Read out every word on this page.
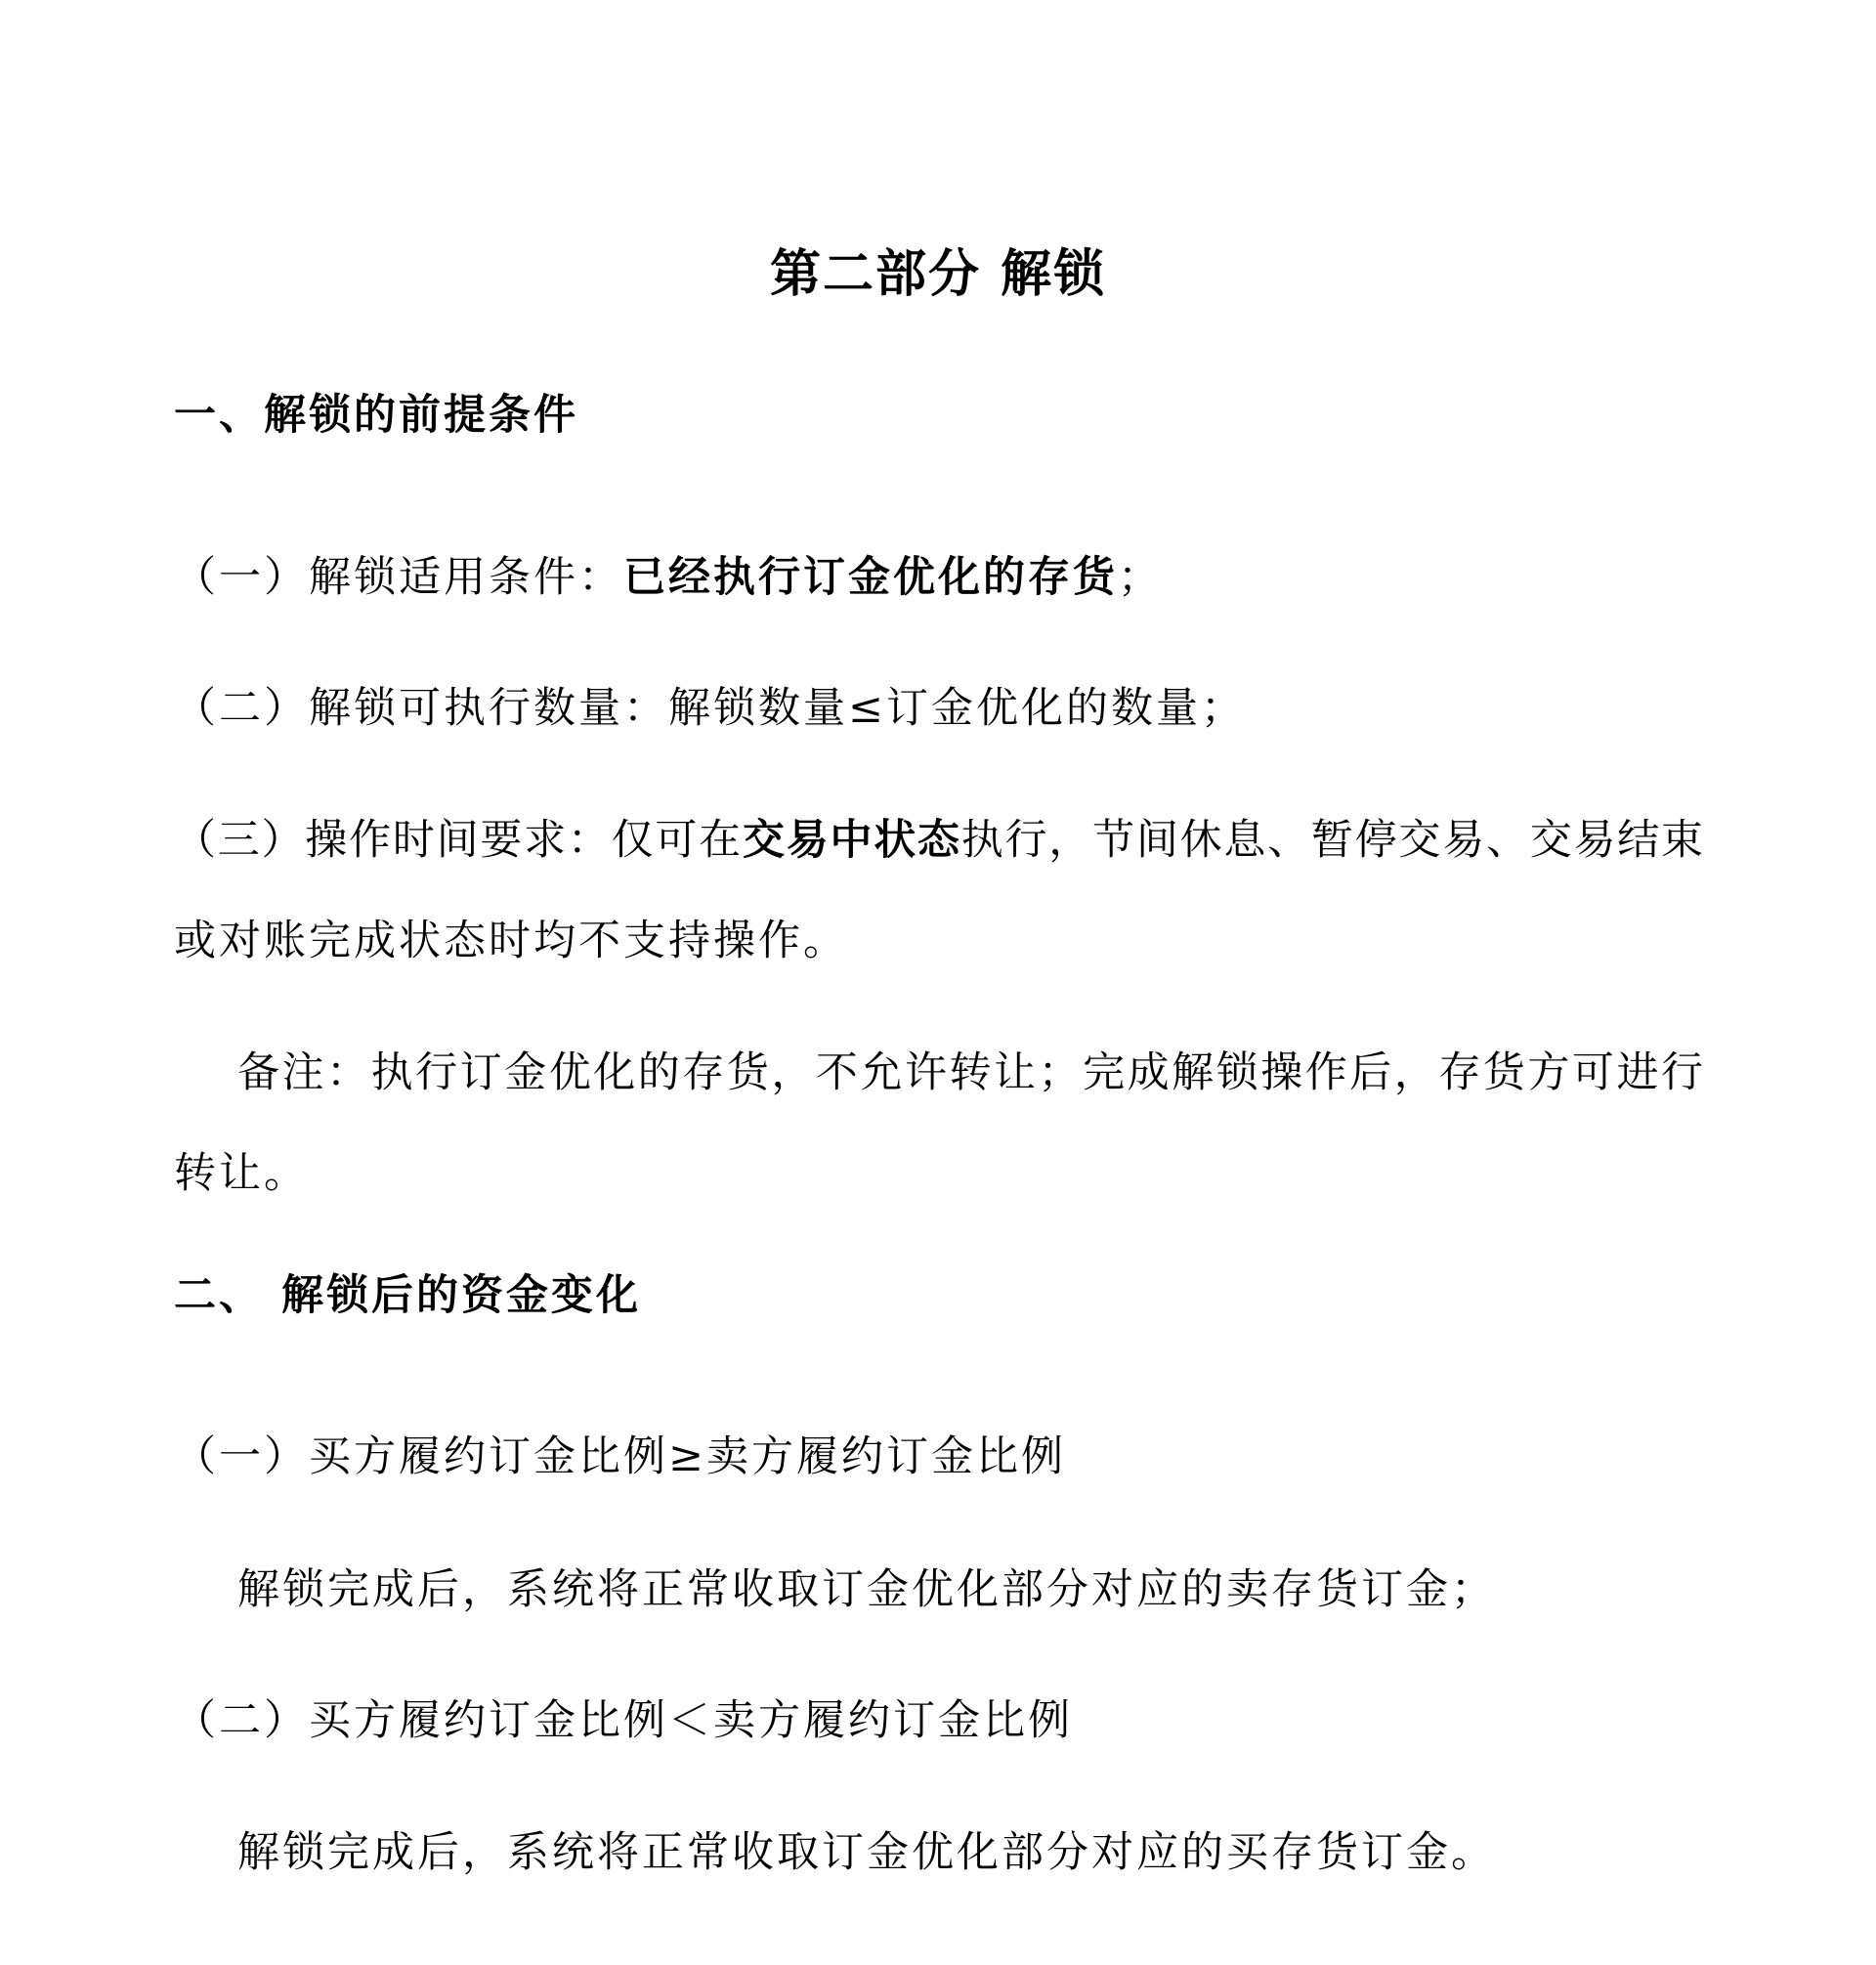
第二部分 解锁
一、解锁的前提条件
（一）解锁适用条件：已经执行订金优化的存货；
（二）解锁可执行数量：解锁数量≤订金优化的数量；
（三）操作时间要求：仅可在交易中状态执行，节间休息、暂停交易、交易结束
或对账完成状态时均不支持操作。
备注：执行订金优化的存货，不允许转让；完成解锁操作后，存货方可进行
转让。
二、 解锁后的资金变化
（一）买方履约订金比例≥卖方履约订金比例
解锁完成后，系统将正常收取订金优化部分对应的卖存货订金；
（二）买方履约订金比例＜卖方履约订金比例
解锁完成后，系统将正常收取订金优化部分对应的买存货订金。
